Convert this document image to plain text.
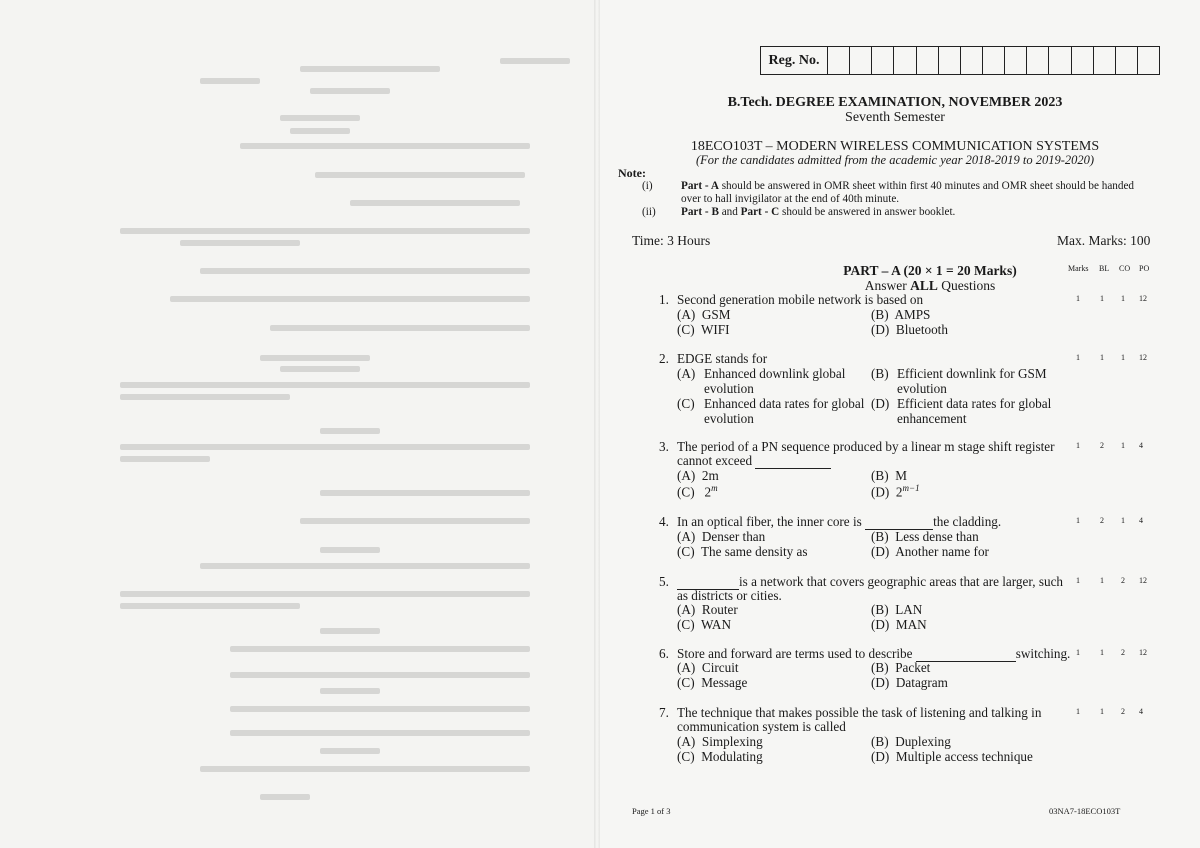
Reg. No.
B.Tech. DEGREE EXAMINATION, NOVEMBER 2023
Seventh Semester
18ECO103T – MODERN WIRELESS COMMUNICATION SYSTEMS
(For the candidates admitted from the academic year 2018-2019 to 2019-2020)
Note:
(i)	Part - A should be answered in OMR sheet within first 40 minutes and OMR sheet should be handed
over to hall invigilator at the end of 40th minute.
(ii) Part - B and Part - C should be answered in answer booklet.
Time: 3 Hours	Max. Marks: 100
PART – A (20 × 1 = 20 Marks)
Answer ALL Questions
Marks BL CO PO
1. Second generation mobile network is based on	1	1 1 12
(A) GSM	(B) AMPS
(C) WIFI	(D) Bluetooth
2. EDGE stands for	1	1 1 12
(A) Enhanced downlink global
evolution
(B) Efficient downlink for GSM
evolution
(C) Enhanced data rates for global
evolution
(D) Efficient data rates for global
enhancement
3. The period of a PN sequence produced by a linear m stage shift register
cannot exceed
1	2 1 4
(A) 2m	(B) M
(C) 2$^m$	(D) $2^{m-1}$
4. In an optical fiber, the inner core is	the cladding.	1	2 1 4
(A) Denser than	(B) Less dense than
(C) The same density as	(D) Another name for
5.	is a network that covers geographic areas that are larger, such
as districts or cities.
1	1 2 12
(A) Router	(B) LAN
(C) WAN	(D) MAN
6. Store and forward are terms used to describe	switching. 1	1 2 12
(A) Circuit	(B) Packet
(C) Message	(D) Datagram
7. The technique that makes possible the task of listening and talking in
communication system is called
1	1 2 4
(A) Simplexing	(B) Duplexing
(C) Modulating	(D) Multiple access technique
Page 1 of 3	03NA7-18ECO103T
